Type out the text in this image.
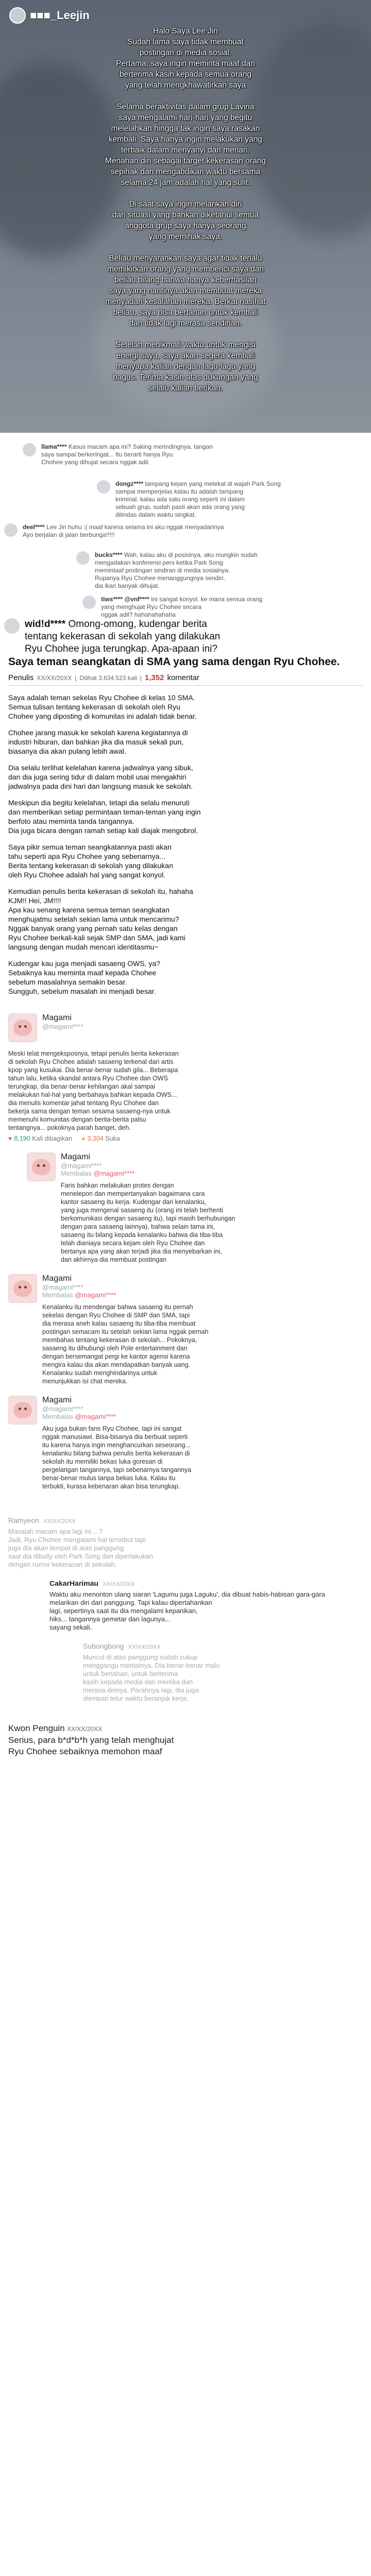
■■■_Leejin

Halo Saya Lee Jin
Sudah lama saya tidak membuat
postingan di media sosial.
Pertama, saya ingin meminta maaf dan
berterima kasih kepada semua orang
yang telah mengkhawatirkan saya

Selama beraktivitas dalam grup Lavina
saya mengalami hari-hari yang begitu
melelahkan hingga tak ingin saya rasakan
kembali. Saya hanya ingin melakukan yang
terbaik dalam menyanyi dan menari.
Menahan diri sebagai target kekerasan orang
sepihak dan mengabdikan waktu bersama
selama 24 jam adalah hal yang sulit.

Di saat saya ingin melarikan diri
dari situasi yang bahkan diketahui semua
anggota grup saya hanya seorang
yang memihak saya.

Beliau menyarankan saya agar tidak terlalu
memikirkan orang yang membenci saya dan
beliau bilang bahwa hanya keberhasilan
saya yang nantinya akan membuat mereka
menyadari kesalahan mereka. Berkat nasihat
beliau, saya bisa bertahan untuk kembali
dan tidak lagi merasa sendirian.

Setelah menikmati waktu untuk mengisi
energi saya, saya akan segera kembali
menyapa kalian dengan lagu-lagu yang
bagus. Terima kasih atas dukungan yang
selalu kalian berikan.

llama**** Kasus macam apa ini? Saking merindingnya, tangan
saya sampai berkeringat... Itu berarti hanya Ryu
Chohee yang dihujat secara nggak adil.
dongz**** tampang kejam yang melekat di wajah Park Song
sampai memperjelas kalau itu adalah tampang
kriminal. kalau ada satu orang seperti ini dalam
sebuah grup, sudah pasti akan ada orang yang
ditindas dalam waktu singkat.
deel**** Lee Jin huhu :( maaf karena selama ini aku nggak menyadarinya
Ayo berjalan di jalan berbunga!!!!!
bucks**** Wah, kalau aku di posisinya, aku mungkin sudah
mengadakan konferensi pers ketika Park Song
memintaaf postingan sindiran di media sosialnya.
Rupanya Ryu Chohee menanggungnya sendiri.
dia ikan banyak dihujat.
tiws**** @vnf**** Ini sangat konyol. ke mana semua orang
yang menghujat Ryu Chohee secara
nggak adil? hahahahahaha
wid!d**** Omong-omong, kudengar berita
tentang kekerasan di sekolah yang dilakukan
Ryu Chohee juga terungkap. Apa-apaan ini?
Saya teman seangkatan di SMA yang sama dengan Ryu Chohee.
Penulis XX/XX/20XX | Dilihat 3.634.523 kali | 1,352 komentar

Saya adalah teman sekelas Ryu Chohee di kelas 10 SMA.
Semua tulisan tentang kekerasan di sekolah oleh Ryu
Chohee yang diposting di komunitas ini adalah tidak benar.

Chohee jarang masuk ke sekolah karena kegiatannya di
industri hiburan, dan bahkan jika dia masuk sekali pun,
biasanya dia akan pulang lebih awal.

Dia selalu terlihat kelelahan karena jadwalnya yang sibuk,
dan dia juga sering tidur di dalam mobil usai mengakhiri
jadwalnya pada dini hari dan langsung masuk ke sekolah.

Meskipun dia begitu kelelahan, tetapi dia selalu menuruti
dan memberikan setiap permintaan teman-teman yang ingin
berfoto atau meminta tanda tangannya.
Dia juga bicara dengan ramah setiap kali diajak mengobrol.

Saya pikir semua teman seangkatannya pasti akan
tahu seperti apa Ryu Chohee yang sebenarnya...
Berita tentang kekerasan di sekolah yang dilakukan
oleh Ryu Chohee adalah hal yang sangat konyol.

Kemudian penulis berita kekerasan di sekolah itu, hahaha
KJM!! Hei, JM!!!!
Apa kau senang karena semua teman seangkatan
menghujatmu setelah sekian lama untuk mencarimu?
Nggak banyak orang yang pernah satu kelas dengan
Ryu Chohee berkali-kali sejak SMP dan SMA, jadi kami
langsung dengan mudah mencari identitasmu~

Kudengar kau juga menjadi sasaeng OWS, ya?
Sebaiknya kau meminta maaf kepada Chohee
sebelum masalahnya semakin besar.
Sungguh, sebelum masalah ini menjadi besar.

Magami
@magami****
Meski telat mengeksposnya, tetapi penulis berita kekerasan
di sekolah Ryu Chohee adalah sasaeng terkenal dari artis
kpop yang kusukai. Dia benar-benar sudah gila... Beberapa
tahun lalu, ketika skandal antara Ryu Chohee dan OWS
terungkap, dia benar-benar kehilangan akal sampai
melakukan hal-hal yang berbahaya bahkan kepada OWS...
dia menulis komentar jahat tentang Ryu Chohee dan
bekerja sama dengan teman sesama sasaeng-nya untuk
memenuhi komunitas dengan berita-berita palsu
tentangnya... pokoknya parah banget, deh.
♥ 8,190 Kali dibagikan ● 3,304 Suka
Magami
@magami****
Membalas @magami****
Faris bahkan melakukan protes dengan
menelepon dan mempertanyakan bagaimana cara
kantor sasaeng itu kerja. Kudengar dari kenalanku,
yang juga mengenal sasaeng itu (orang ini telah berhenti
berkomunikasi dengan sasaeng itu), tapi masih berhubungan
dengan para sasaeng lainnya), bahwa selain tama ini,
sasaeng itu bilang kepada kenalanku bahwa dia tiba-tiba
telah dianiaya secara kejam oleh Ryu Chohee dan
bertanya apa yang akan terjadi jika dia menyebarkan ini,
dan akhirnya dia membuat postingan
Magami
@magami****
Membalas @magami****
Kenalanku itu mendengar bahwa sasaeng itu pernah
sekelas dengan Ryu Chohee di SMP dan SMA, tapi
dia merasa aneh kalau sasaeng itu tiba-tiba membuat
postingan semacam itu setelah sekian lama nggak pernah
membahas tentang kekerasan di sekolah... Pokoknya,
sasaeng itu dihubungi oleh Pole entertainment dan
dengan bersemangat pergi ke kantor agensi karena
mengira kalau dia akan mendapatkan banyak uang.
Kenalanku sudah menghindarinya untuk
menunjukkan isi chat mereka.
Magami
@magami****
Membalas @magami****
Aku juga bukan fans Ryu Chohee, tapi ini sangat
nggak manusiawi. Bisa-bisanya dia berbuat seperti
itu karena hanya ingin menghancurkan seseorang...
kenalanku bilang bahwa penulis berita kekerasan di
sekolah itu memiliki bekas luka goresan di
pergelangan tangannya, tapi sebenarnya tangannya
benar-benar mulus tanpa bekas luka. Kalau itu
terbukti, kurasa kebenaran akan bisa terungkap.
Ramyeon XX/XX/20XX
Masalah macam apa lagi ini....?
Jadi, Ryu Chohee mengalami hal tersebut tapi
juga dia akan tempat di atas panggung
saat dia dibully oleh Park Song dan diperlakukan
dengan rumor kekerasan di sekolah.
CakarHarimau XX/XX/20XX
Waktu aku menonton ulang siaran 'Lagumu juga Laguku', dia dibuat habis-habisan gara-gara
melarikan diri dari panggung. Tapi kalau dipertahankan
lagi, sepertinya saat itu dia mengalami kepanikan,
hiks... tangannya gemetar dan lagunya...
sayang sekali.
Subongbong XX/XX/20XX
Muncul di atas panggung sudah cukup
menggangu mentalnya. Dia benar-benar malu
untuk bertahan, untuk berterima
kasih kepada media dari mereka dan
merasa dirinya. Parahnya lagi, dia juga
diempati telur waktu beranjak kerja.
Kwon Penguin XX/XX/20XX
Serius, para b*d*b*h yang telah menghujat
Ryu Chohee sebaiknya memohon maaf
